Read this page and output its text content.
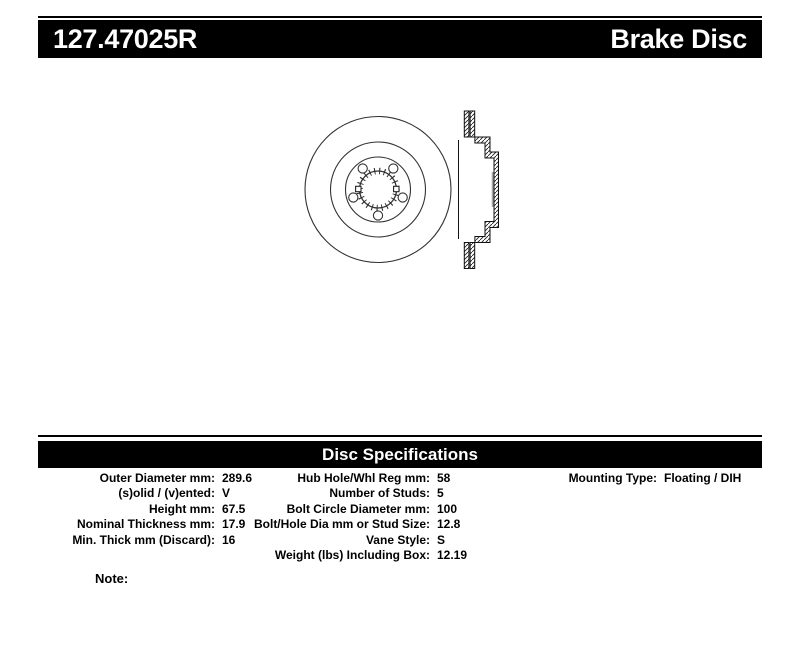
127.47025R	Brake Disc
Disc Specifications
Outer Diameter mm: 289.6
(s)olid / (v)ented: V
Height mm: 67.5
Nominal Thickness mm: 17.9
Min. Thick mm (Discard): 16
Hub Hole/Whl Reg mm: 58
Number of Studs: 5
Bolt Circle Diameter mm: 100
Bolt/Hole Dia mm or Stud Size: 12.8
Vane Style: S
Weight (lbs) Including Box: 12.19
Mounting Type: Floating / DIH
Note:
